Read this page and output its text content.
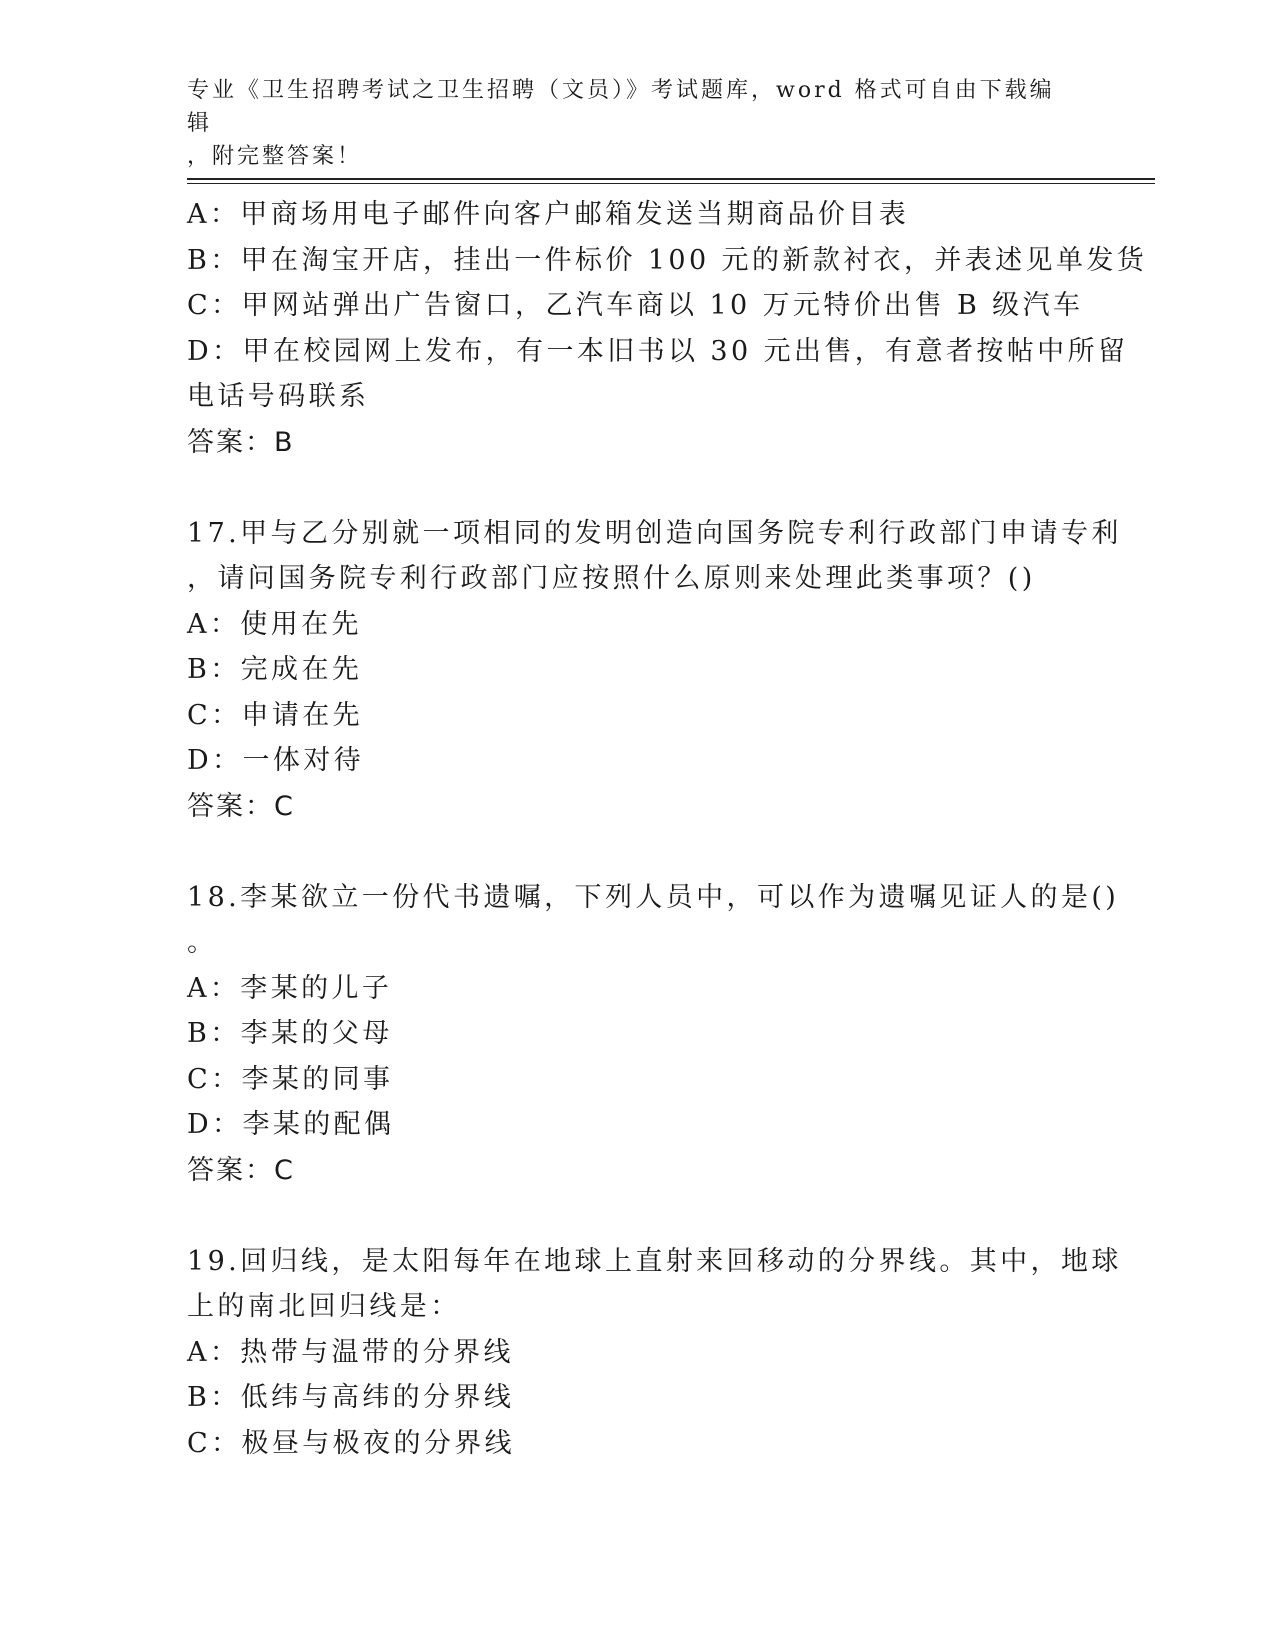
专业《卫生招聘考试之卫生招聘（文员）》考试题库，word 格式可自由下载编辑
，附完整答案！

A：甲商场用电子邮件向客户邮箱发送当期商品价目表

B：甲在淘宝开店，挂出一件标价 100 元的新款衬衣，并表述见单发货

C：甲网站弹出广告窗口，乙汽车商以 10 万元特价出售 B 级汽车

D：甲在校园网上发布，有一本旧书以 30 元出售，有意者按帖中所留

电话号码联系

答案：B

17.甲与乙分别就一项相同的发明创造向国务院专利行政部门申请专利

，请问国务院专利行政部门应按照什么原则来处理此类事项？()

A：使用在先

B：完成在先

C：申请在先

D：一体对待

答案：C

18.李某欲立一份代书遗嘱，下列人员中，可以作为遗嘱见证人的是()

。

A：李某的儿子

B：李某的父母

C：李某的同事

D：李某的配偶

答案：C

19.回归线，是太阳每年在地球上直射来回移动的分界线。其中，地球

上的南北回归线是：

A：热带与温带的分界线

B：低纬与高纬的分界线

C：极昼与极夜的分界线
